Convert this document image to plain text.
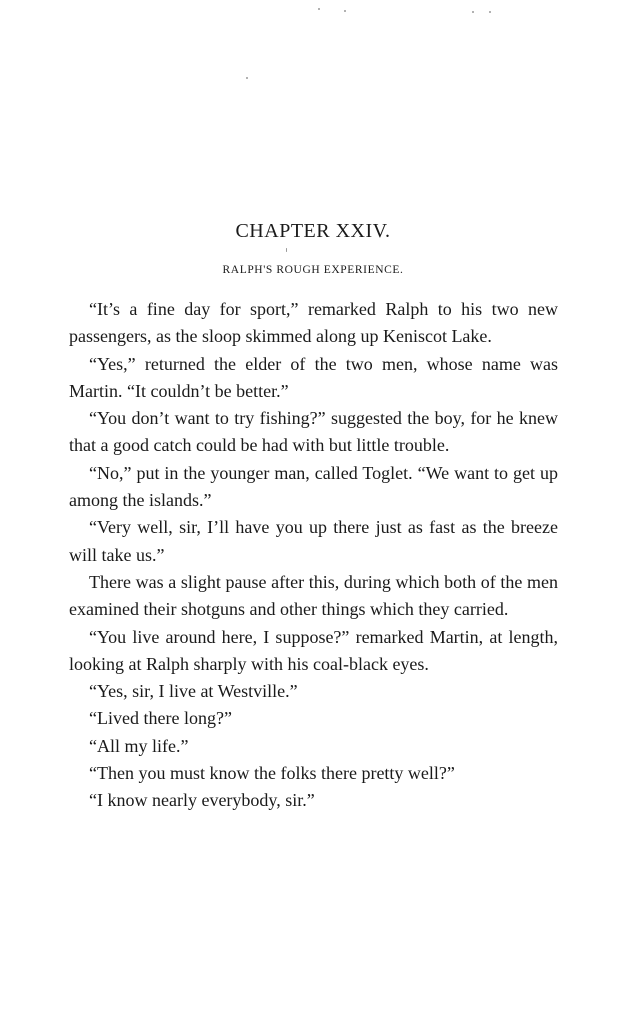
CHAPTER XXIV.
RALPH'S ROUGH EXPERIENCE.

“It’s a fine day for sport,” remarked Ralph to his two new passengers, as the sloop skimmed along up Keniscot Lake.

“Yes,” returned the elder of the two men, whose name was Martin. “It couldn’t be better.”

“You don’t want to try fishing?” suggested the boy, for he knew that a good catch could be had with but little trouble.

“No,” put in the younger man, called Toglet. “We want to get up among the islands.”

“Very well, sir, I’ll have you up there just as fast as the breeze will take us.”

There was a slight pause after this, during which both of the men examined their shotguns and other things which they carried.

“You live around here, I suppose?” remarked Martin, at length, looking at Ralph sharply with his coal-black eyes.

“Yes, sir, I live at Westville.”

“Lived there long?”

“All my life.”

“Then you must know the folks there pretty well?”

“I know nearly everybody, sir.”
